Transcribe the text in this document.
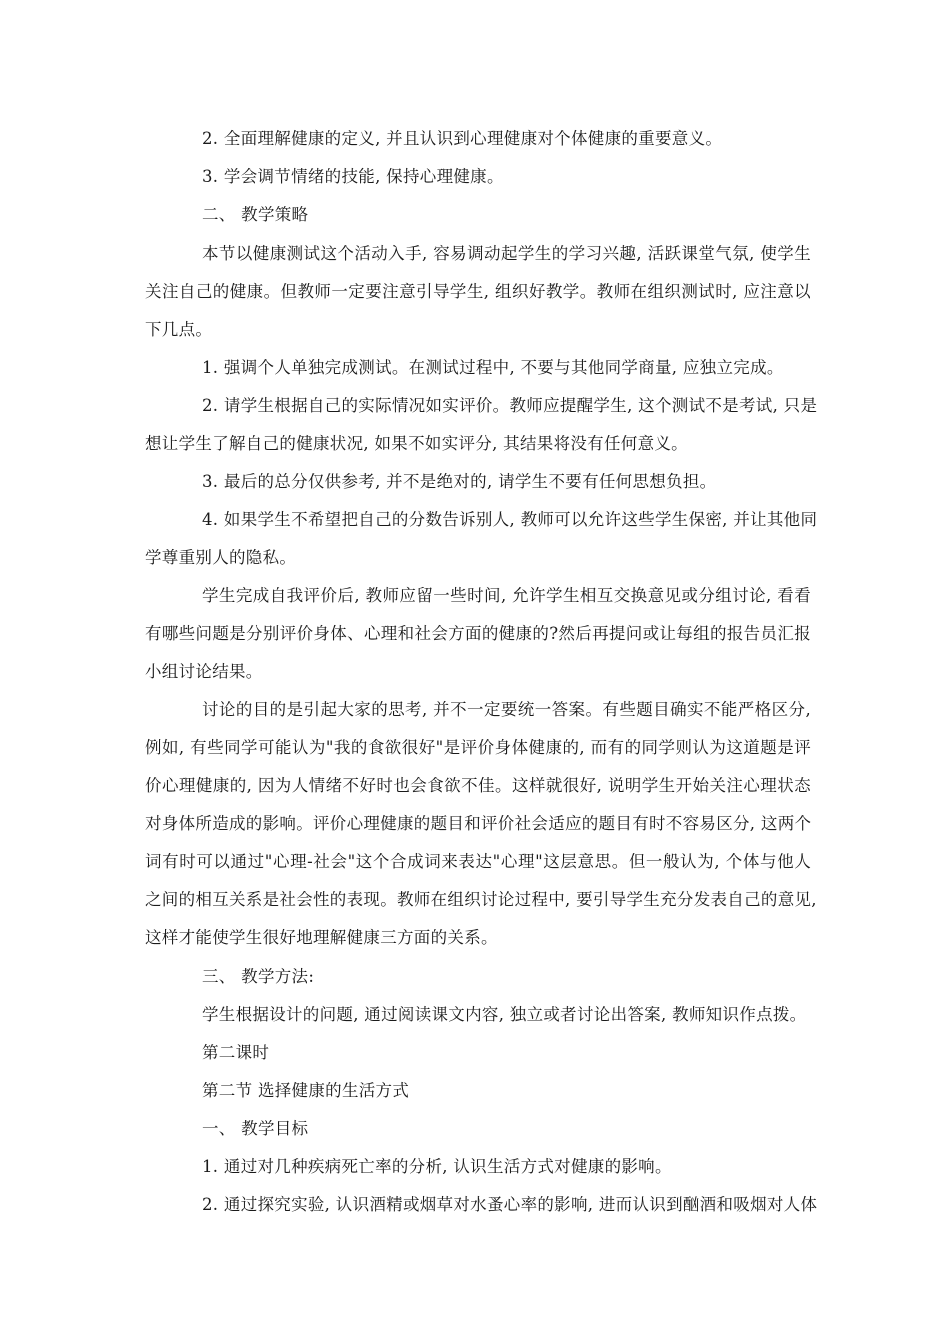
2. 全面理解健康的定义, 并且认识到心理健康对个体健康的重要意义。
3. 学会调节情绪的技能, 保持心理健康。
二、 教学策略
本节以健康测试这个活动入手, 容易调动起学生的学习兴趣, 活跃课堂气氛, 使学生
关注自己的健康。但教师一定要注意引导学生, 组织好教学。教师在组织测试时, 应注意以
下几点。
1. 强调个人单独完成测试。在测试过程中, 不要与其他同学商量, 应独立完成。
2. 请学生根据自己的实际情况如实评价。教师应提醒学生, 这个测试不是考试, 只是
想让学生了解自己的健康状况, 如果不如实评分, 其结果将没有任何意义。
3. 最后的总分仅供参考, 并不是绝对的, 请学生不要有任何思想负担。
4. 如果学生不希望把自己的分数告诉别人, 教师可以允许这些学生保密, 并让其他同
学尊重别人的隐私。
学生完成自我评价后, 教师应留一些时间, 允许学生相互交换意见或分组讨论, 看看
有哪些问题是分别评价身体、心理和社会方面的健康的?然后再提问或让每组的报告员汇报
小组讨论结果。
讨论的目的是引起大家的思考, 并不一定要统一答案。有些题目确实不能严格区分,
例如, 有些同学可能认为"我的食欲很好"是评价身体健康的, 而有的同学则认为这道题是评
价心理健康的, 因为人情绪不好时也会食欲不佳。这样就很好, 说明学生开始关注心理状态
对身体所造成的影响。评价心理健康的题目和评价社会适应的题目有时不容易区分, 这两个
词有时可以通过"心理-社会"这个合成词来表达"心理"这层意思。但一般认为, 个体与他人
之间的相互关系是社会性的表现。教师在组织讨论过程中, 要引导学生充分发表自己的意见,
这样才能使学生很好地理解健康三方面的关系。
三、 教学方法:
学生根据设计的问题, 通过阅读课文内容, 独立或者讨论出答案, 教师知识作点拨。
第二课时
第二节 选择健康的生活方式
一、 教学目标
1. 通过对几种疾病死亡率的分析, 认识生活方式对健康的影响。
2. 通过探究实验, 认识酒精或烟草对水蚤心率的影响, 进而认识到酗酒和吸烟对人体
